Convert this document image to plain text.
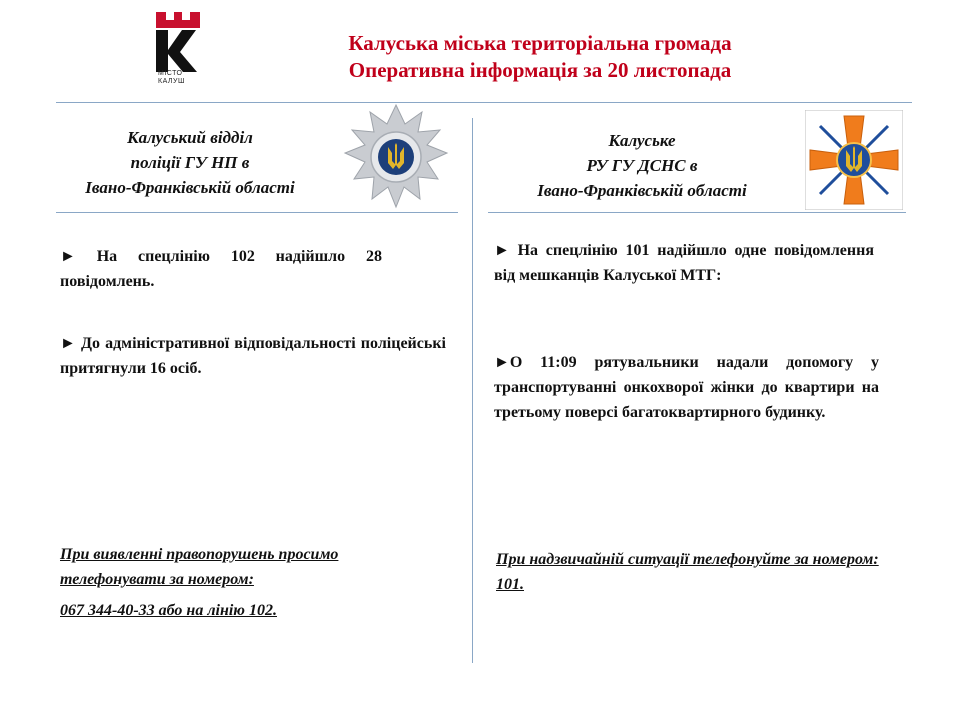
МІСТО
КАЛУШ
Калуська міська територіальна громада
Оперативна інформація за 20 листопада
Калуський відділ
поліції ГУ НП в
Івано-Франківській області
Калуське
РУ ГУ ДСНС в
Івано-Франківській області
► На спецлінію 102 надійшло 28 повідомлень.
► До адміністративної відповідальності поліцейські притягнули 16 осіб.
► На спецлінію 101 надійшло одне повідомлення від мешканців Калуської МТГ:
►О 11:09 рятувальники надали допомогу у транспортуванні онкохворої жінки до квартири на третьому поверсі багатоквартирного будинку.
При виявленні правопорушень просимо телефонувати за номером:
067 344-40-33 або на лінію 102.
При надзвичайній ситуації телефонуйте за номером: 101.
